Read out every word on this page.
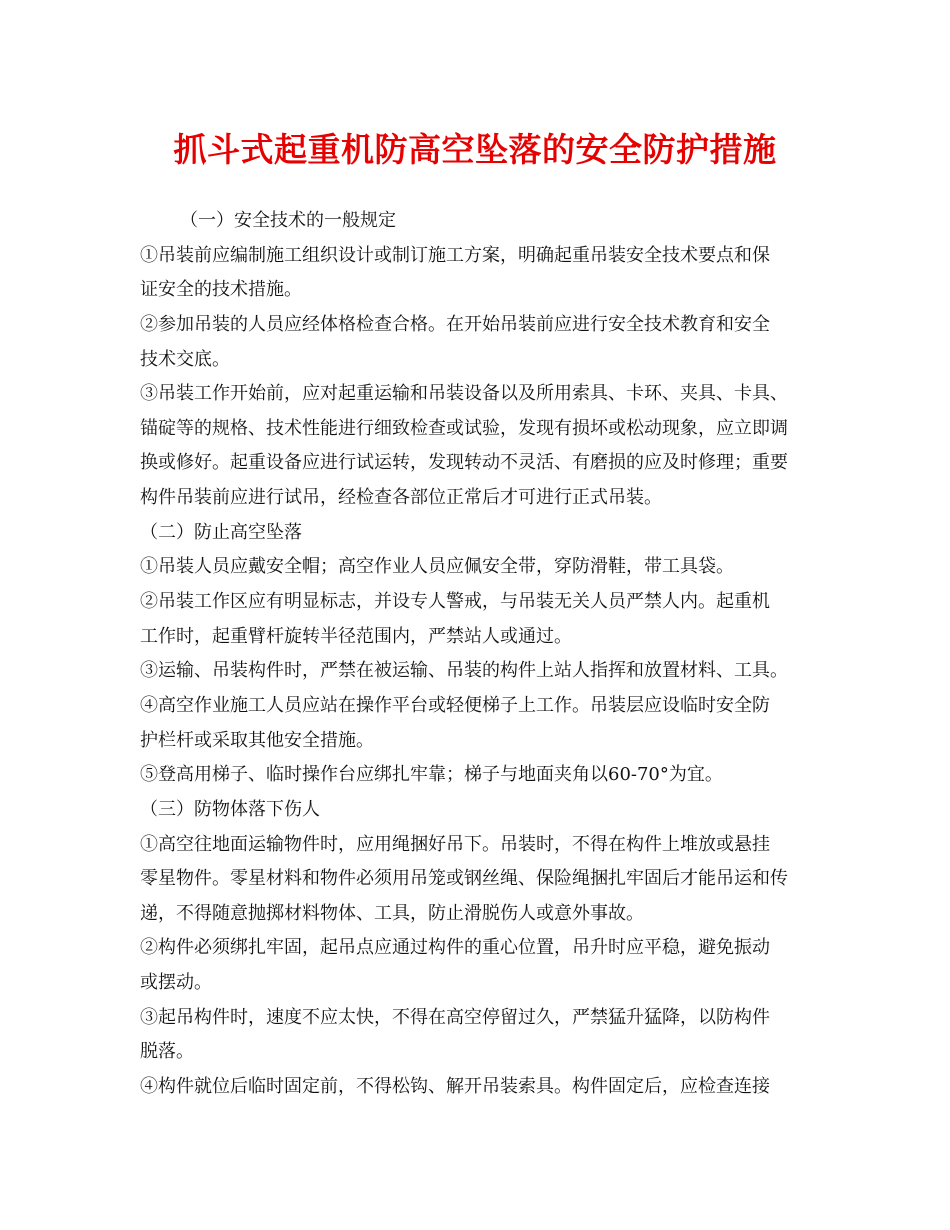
抓斗式起重机防高空坠落的安全防护措施
（一）安全技术的一般规定
①吊装前应编制施工组织设计或制订施工方案，明确起重吊装安全技术要点和保
证安全的技术措施。
②参加吊装的人员应经体格检查合格。在开始吊装前应进行安全技术教育和安全
技术交底。
③吊装工作开始前，应对起重运输和吊装设备以及所用索具、卡环、夹具、卡具、
锚碇等的规格、技术性能进行细致检查或试验，发现有损坏或松动现象，应立即调
换或修好。起重设备应进行试运转，发现转动不灵活、有磨损的应及时修理；重要
构件吊装前应进行试吊，经检查各部位正常后才可进行正式吊装。
（二）防止高空坠落
①吊装人员应戴安全帽；高空作业人员应佩安全带，穿防滑鞋，带工具袋。
②吊装工作区应有明显标志，并设专人警戒，与吊装无关人员严禁人内。起重机
工作时，起重臂杆旋转半径范围内，严禁站人或通过。
③运输、吊装构件时，严禁在被运输、吊装的构件上站人指挥和放置材料、工具。
④高空作业施工人员应站在操作平台或轻便梯子上工作。吊装层应设临时安全防
护栏杆或采取其他安全措施。
⑤登高用梯子、临时操作台应绑扎牢靠；梯子与地面夹角以60-70°为宜。
（三）防物体落下伤人
①高空往地面运输物件时，应用绳捆好吊下。吊装时，不得在构件上堆放或悬挂
零星物件。零星材料和物件必须用吊笼或钢丝绳、保险绳捆扎牢固后才能吊运和传
递，不得随意抛掷材料物体、工具，防止滑脱伤人或意外事故。
②构件必须绑扎牢固，起吊点应通过构件的重心位置，吊升时应平稳，避免振动
或摆动。
③起吊构件时，速度不应太快，不得在高空停留过久，严禁猛升猛降，以防构件
脱落。
④构件就位后临时固定前，不得松钩、解开吊装索具。构件固定后，应检查连接
